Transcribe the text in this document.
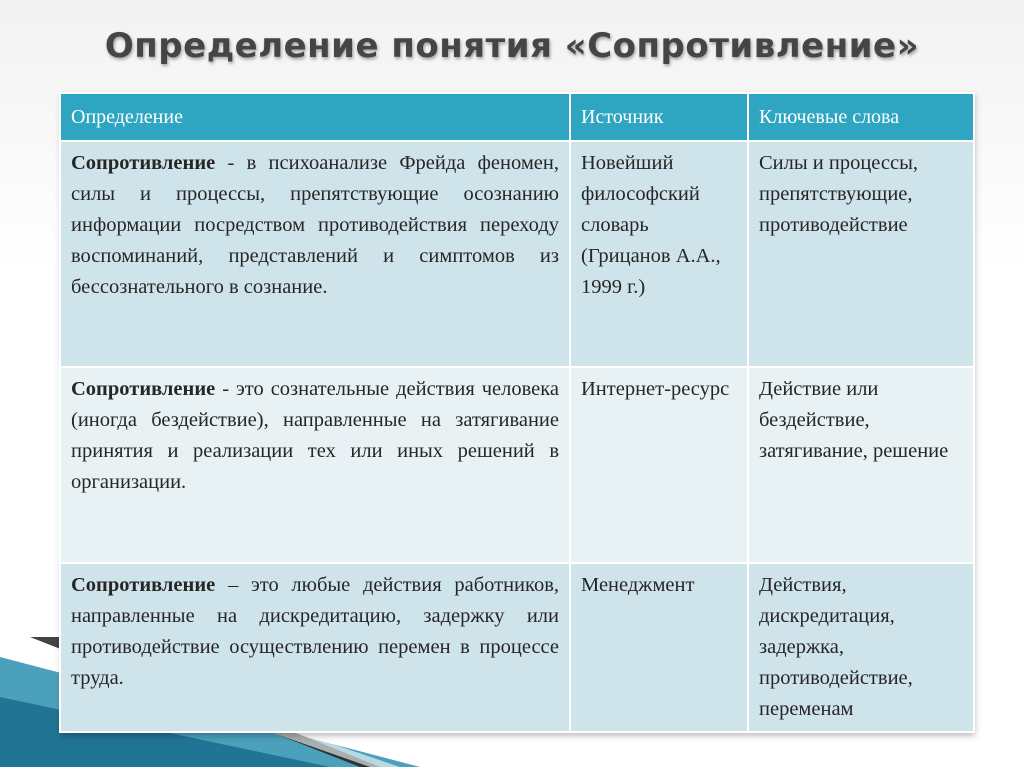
Определение понятия «Сопротивление»
Определение	Источник	Ключевые слова
Сопротивление - в психоанализе Фрейда феномен, силы и процессы, препятствующие осознанию информации посредством противодействия переходу воспоминаний, представлений и симптомов из бессознательного в сознание.	Новейший философский словарь (Грицанов А.А., 1999 г.)	Силы и процессы, препятствующие, противодействие
Сопротивление - это сознательные действия человека (иногда бездействие), направленные на затягивание принятия и реализации тех или иных решений в организации.	Интернет-ресурс	Действие или бездействие, затягивание, решение
Сопротивление – это любые действия работников, направленные на дискредитацию, задержку или противодействие осуществлению перемен в процессе труда.	Менеджмент	Действия, дискредитация, задержка, противодействие, переменам
